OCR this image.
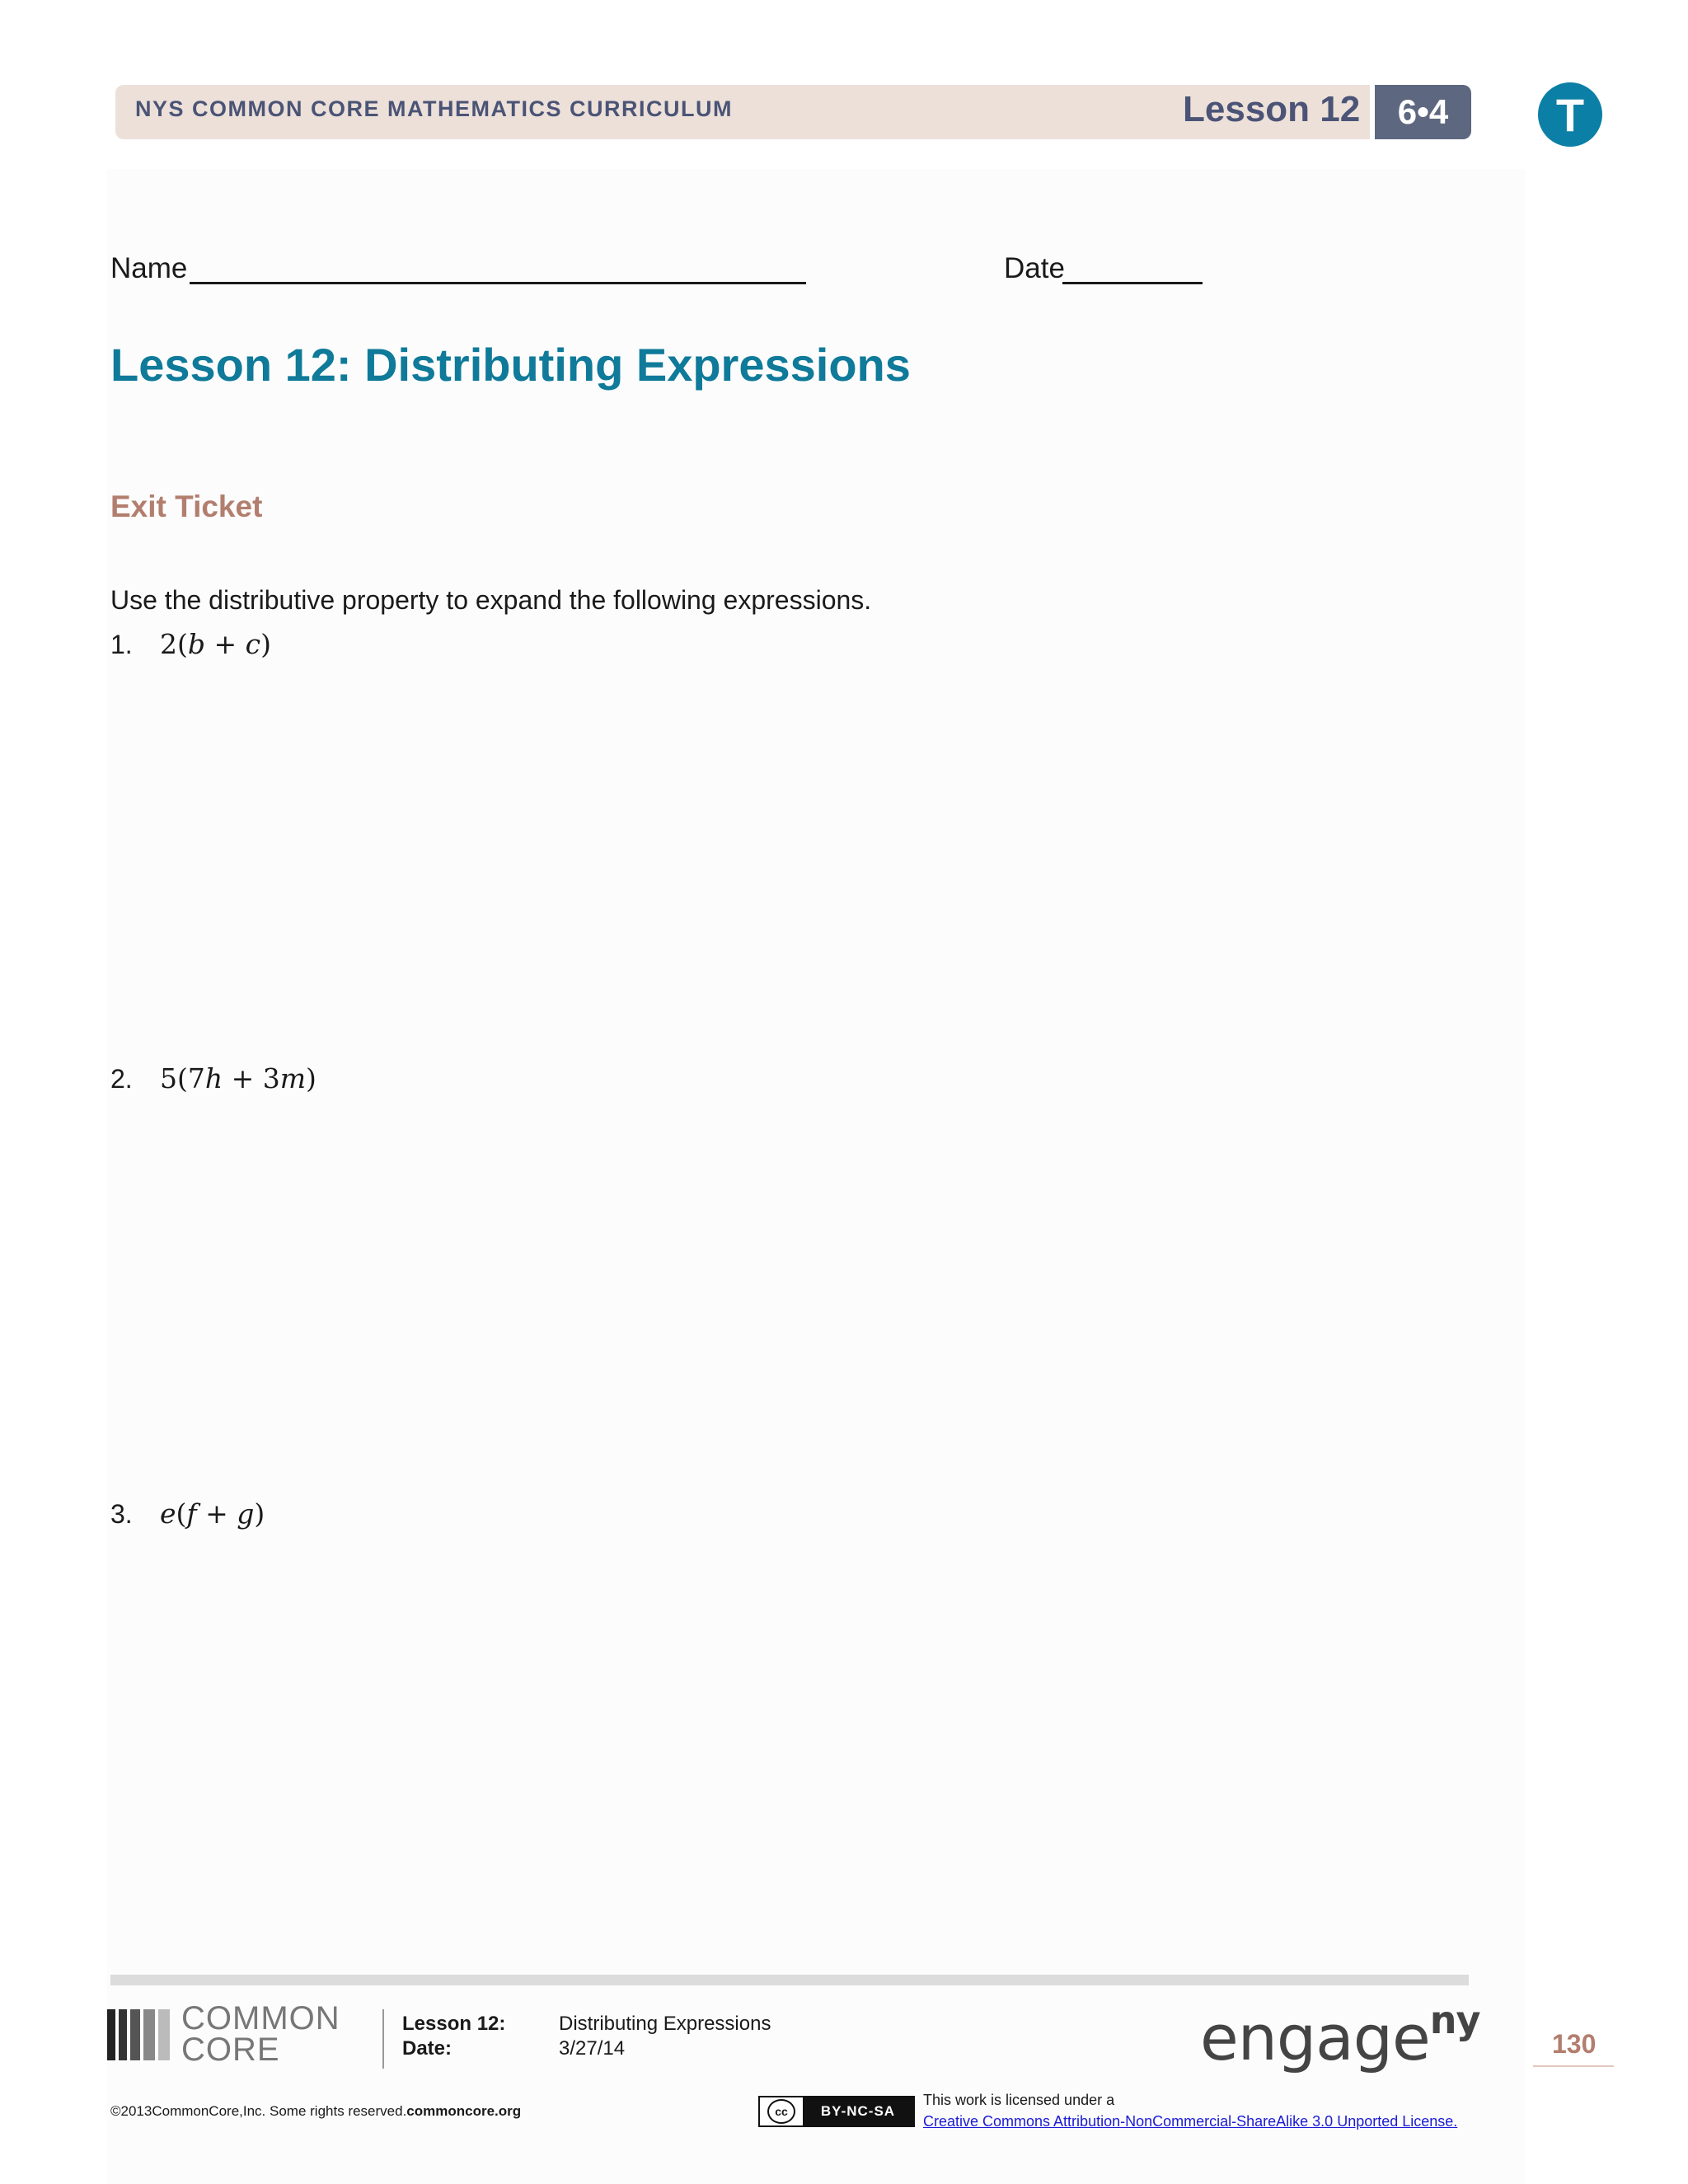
NYS COMMON CORE MATHEMATICS CURRICULUM	Lesson 12	6•4	T
Name	Date
Lesson 12: Distributing Expressions
Exit Ticket
Use the distributive property to expand the following expressions.
1.	2(𝑏 + 𝑐)
2.	5(7ℎ + 3𝑚)
3.	𝑒(𝑓 + 𝑔)
COMMON
CORE
Lesson 12:	Distributing Expressions
Date:	3/27/14	engage$^{ny}$
130
©2013CommonCore,Inc. Some rights reserved.commoncore.org	cc	BY-NC-SA
This work is licensed under a
Creative Commons Attribution-NonCommercial-ShareAlike 3.0 Unported License.
